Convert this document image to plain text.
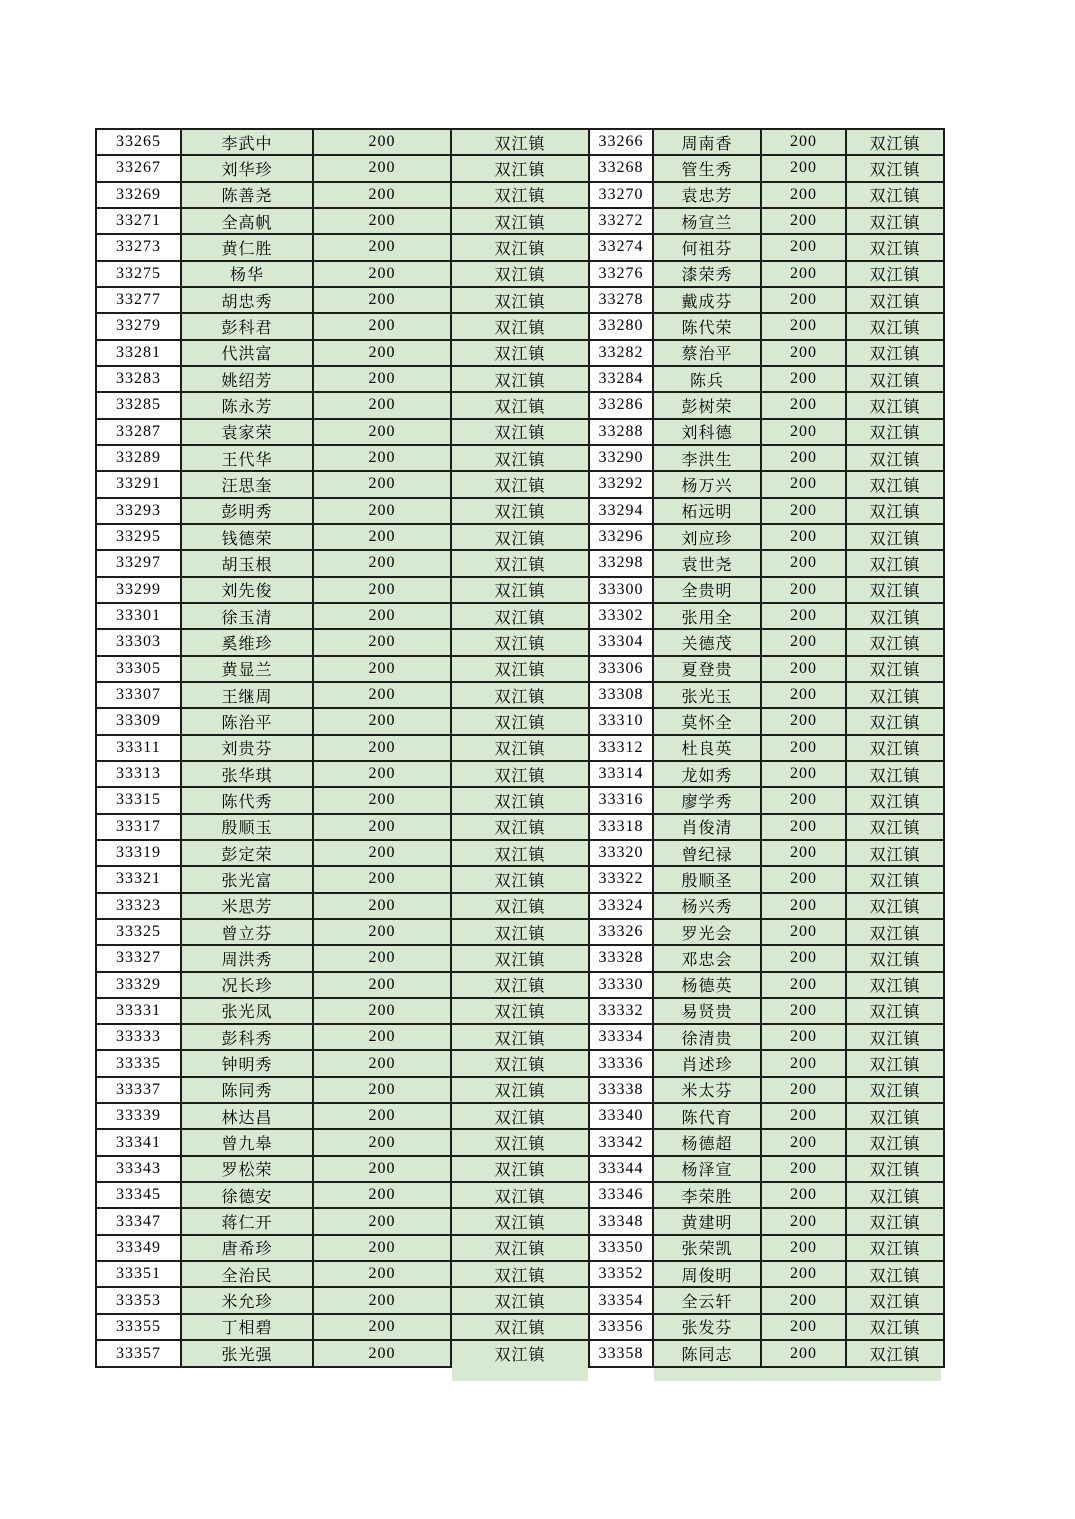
33265	李武中	200	双江镇	33266	周南香	200	双江镇
33267	刘华珍	200	双江镇	33268	管生秀	200	双江镇
33269	陈善尧	200	双江镇	33270	袁忠芳	200	双江镇
33271	全高帆	200	双江镇	33272	杨宣兰	200	双江镇
33273	黄仁胜	200	双江镇	33274	何祖芬	200	双江镇
33275	杨华	200	双江镇	33276	漆荣秀	200	双江镇
33277	胡忠秀	200	双江镇	33278	戴成芬	200	双江镇
33279	彭科君	200	双江镇	33280	陈代荣	200	双江镇
33281	代洪富	200	双江镇	33282	蔡治平	200	双江镇
33283	姚绍芳	200	双江镇	33284	陈兵	200	双江镇
33285	陈永芳	200	双江镇	33286	彭树荣	200	双江镇
33287	袁家荣	200	双江镇	33288	刘科德	200	双江镇
33289	王代华	200	双江镇	33290	李洪生	200	双江镇
33291	汪思奎	200	双江镇	33292	杨万兴	200	双江镇
33293	彭明秀	200	双江镇	33294	柘远明	200	双江镇
33295	钱德荣	200	双江镇	33296	刘应珍	200	双江镇
33297	胡玉根	200	双江镇	33298	袁世尧	200	双江镇
33299	刘先俊	200	双江镇	33300	全贵明	200	双江镇
33301	徐玉清	200	双江镇	33302	张用全	200	双江镇
33303	奚维珍	200	双江镇	33304	关德茂	200	双江镇
33305	黄显兰	200	双江镇	33306	夏登贵	200	双江镇
33307	王继周	200	双江镇	33308	张光玉	200	双江镇
33309	陈治平	200	双江镇	33310	莫怀全	200	双江镇
33311	刘贵芬	200	双江镇	33312	杜良英	200	双江镇
33313	张华琪	200	双江镇	33314	龙如秀	200	双江镇
33315	陈代秀	200	双江镇	33316	廖学秀	200	双江镇
33317	殷顺玉	200	双江镇	33318	肖俊清	200	双江镇
33319	彭定荣	200	双江镇	33320	曾纪禄	200	双江镇
33321	张光富	200	双江镇	33322	殷顺圣	200	双江镇
33323	米思芳	200	双江镇	33324	杨兴秀	200	双江镇
33325	曾立芬	200	双江镇	33326	罗光会	200	双江镇
33327	周洪秀	200	双江镇	33328	邓忠会	200	双江镇
33329	况长珍	200	双江镇	33330	杨德英	200	双江镇
33331	张光凤	200	双江镇	33332	易贤贵	200	双江镇
33333	彭科秀	200	双江镇	33334	徐清贵	200	双江镇
33335	钟明秀	200	双江镇	33336	肖述珍	200	双江镇
33337	陈同秀	200	双江镇	33338	米太芬	200	双江镇
33339	林达昌	200	双江镇	33340	陈代育	200	双江镇
33341	曾九皋	200	双江镇	33342	杨德超	200	双江镇
33343	罗松荣	200	双江镇	33344	杨泽宣	200	双江镇
33345	徐德安	200	双江镇	33346	李荣胜	200	双江镇
33347	蒋仁开	200	双江镇	33348	黄建明	200	双江镇
33349	唐希珍	200	双江镇	33350	张荣凯	200	双江镇
33351	全治民	200	双江镇	33352	周俊明	200	双江镇
33353	米允珍	200	双江镇	33354	全云轩	200	双江镇
33355	丁相碧	200	双江镇	33356	张发芬	200	双江镇
33357	张光强	200	双江镇	33358	陈同志	200	双江镇
